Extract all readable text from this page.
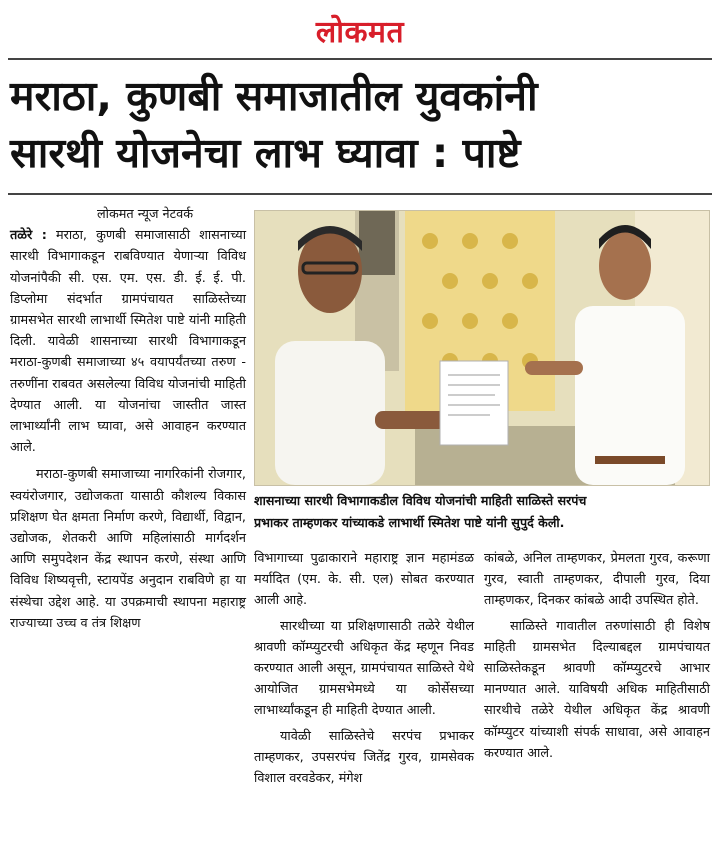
लोकमत
मराठा, कुणबी समाजातील युवकांनी
सारथी योजनेचा लाभ घ्यावा : पाष्टे
लोकमत न्यूज नेटवर्क
तळेरे : मराठा, कुणबी समाजासाठी शासनाच्या सारथी विभागाकडून राबविण्यात येणाऱ्या विविध योजनांपैकी सी. एस. एम. एस. डी. ई. ई. पी. डिप्लोमा संदर्भात ग्रामपंचायत साळिस्तेच्या ग्रामसभेत सारथी लाभार्थी स्मितेश पाष्टे यांनी माहिती दिली. यावेळी शासनाच्या सारथी विभागाकडून मराठा-कुणबी समाजाच्या ४५ वयापर्यंतच्या तरुण - तरुणींना राबवत असलेल्या विविध योजनांची माहिती देण्यात आली. या योजनांचा जास्तीत जास्त लाभार्थ्यांनी लाभ घ्यावा, असे आवाहन करण्यात आले.
मराठा-कुणबी समाजाच्या नागरिकांनी रोजगार, स्वयंरोजगार, उद्योजकता यासाठी कौशल्य विकास प्रशिक्षण घेत क्षमता निर्माण करणे, विद्यार्थी, विद्वान, उद्योजक, शेतकरी आणि महिलांसाठी मार्गदर्शन आणि समुपदेशन केंद्र स्थापन करणे, संस्था आणि विविध शिष्यवृत्ती, स्टायपेंड अनुदान राबविणे हा या संस्थेचा उद्देश आहे. या उपक्रमाची स्थापना महाराष्ट्र राज्याच्या उच्च व तंत्र शिक्षण
शासनाच्या सारथी विभागाकडील विविध योजनांची माहिती साळिस्ते सरपंच
प्रभाकर ताम्हणकर यांच्याकडे लाभार्थी स्मितेश पाष्टे यांनी सुपुर्द केली.
विभागाच्या पुढाकाराने महाराष्ट्र ज्ञान महामंडळ मर्यादित (एम. के. सी. एल) सोबत करण्यात आली आहे.
सारथीच्या या प्रशिक्षणासाठी तळेरे येथील श्रावणी कॉम्प्युटरची अधिकृत केंद्र म्हणून निवड करण्यात आली असून, ग्रामपंचायत साळिस्ते येथे आयोजित ग्रामसभेमध्ये या कोर्सेसच्या लाभार्थ्यांकडून ही माहिती देण्यात आली.
यावेळी साळिस्तेचे सरपंच प्रभाकर ताम्हणकर, उपसरपंच जितेंद्र गुरव, ग्रामसेवक विशाल वरवडेकर, मंगेश
कांबळे, अनिल ताम्हणकर, प्रेमलता गुरव, करूणा गुरव, स्वाती ताम्हणकर, दीपाली गुरव, दिया ताम्हणकर, दिनकर कांबळे आदी उपस्थित होते.
साळिस्ते गावातील तरुणांसाठी ही विशेष माहिती ग्रामसभेत दिल्याबद्दल ग्रामपंचायत साळिस्तेकडून श्रावणी कॉम्प्युटरचे आभार मानण्यात आले. याविषयी अधिक माहितीसाठी सारथीचे तळेरे येथील अधिकृत केंद्र श्रावणी कॉम्प्युटर यांच्याशी संपर्क साधावा, असे आवाहन करण्यात आले.
